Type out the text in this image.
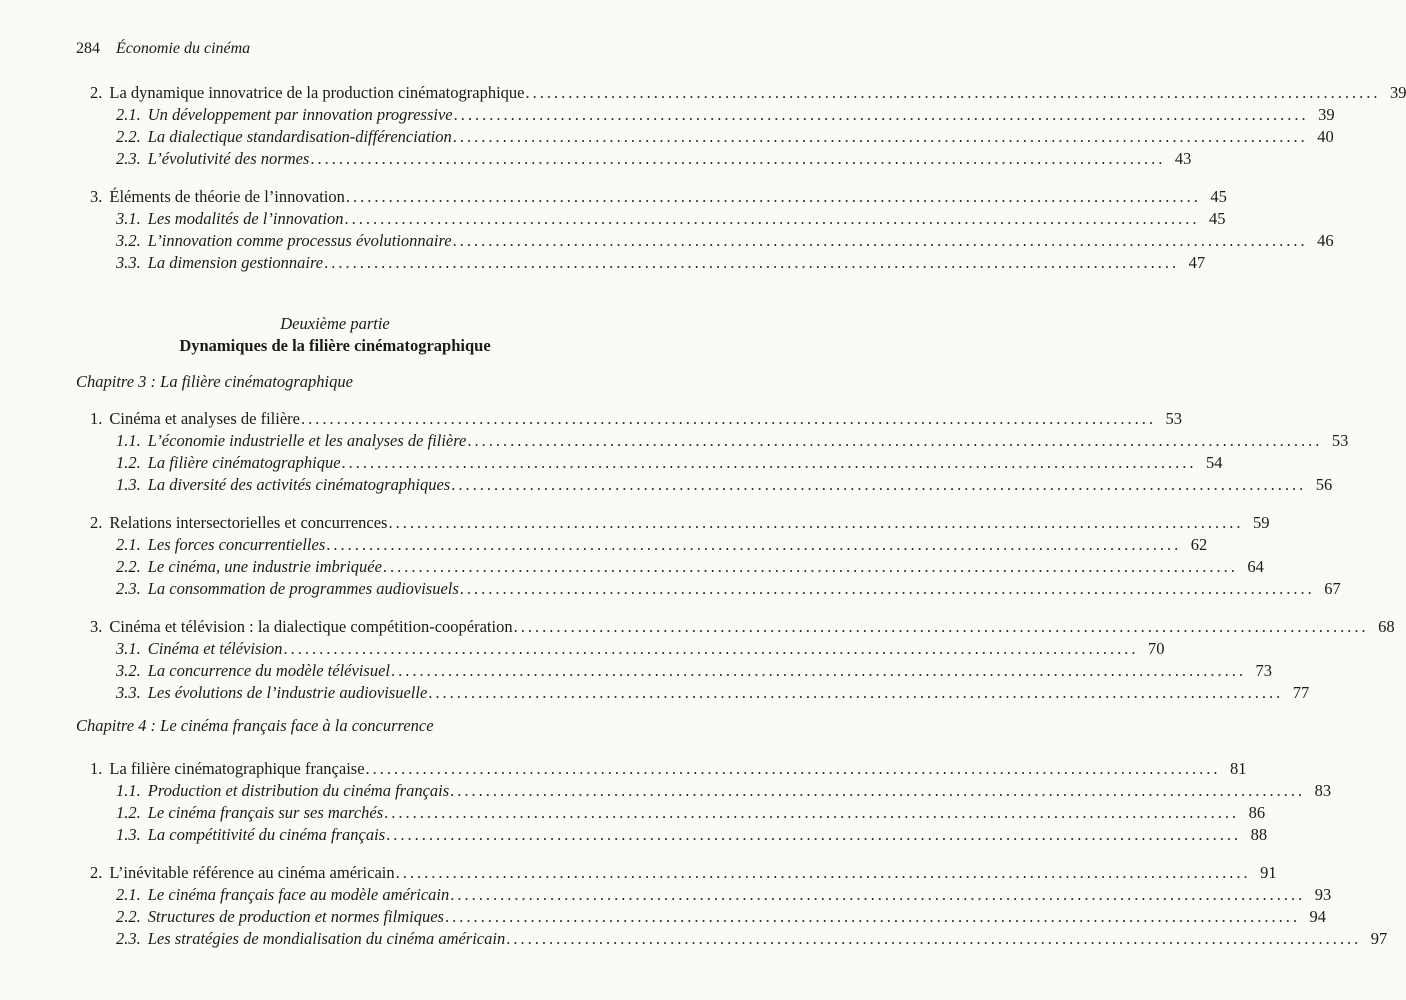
284 Économie du cinéma
2. La dynamique innovatrice de la production cinématographique ........................................................................................................................ 39
2.1. Un développement par innovation progressive ........................................................................................................................ 39
2.2. La dialectique standardisation-différenciation ........................................................................................................................ 40
2.3. L’évolutivité des normes ........................................................................................................................ 43
3. Éléments de théorie de l’innovation ........................................................................................................................ 45
3.1. Les modalités de l’innovation ........................................................................................................................ 45
3.2. L’innovation comme processus évolutionnaire ........................................................................................................................ 46
3.3. La dimension gestionnaire ........................................................................................................................ 47
Deuxième partie
Dynamiques de la filière cinématographique
Chapitre 3 : La filière cinématographique
1. Cinéma et analyses de filière ........................................................................................................................ 53
1.1. L’économie industrielle et les analyses de filière ........................................................................................................................ 53
1.2. La filière cinématographique ........................................................................................................................ 54
1.3. La diversité des activités cinématographiques ........................................................................................................................ 56
2. Relations intersectorielles et concurrences ........................................................................................................................ 59
2.1. Les forces concurrentielles ........................................................................................................................ 62
2.2. Le cinéma, une industrie imbriquée ........................................................................................................................ 64
2.3. La consommation de programmes audiovisuels ........................................................................................................................ 67
3. Cinéma et télévision : la dialectique compétition-coopération ........................................................................................................................ 68
3.1. Cinéma et télévision ........................................................................................................................ 70
3.2. La concurrence du modèle télévisuel ........................................................................................................................ 73
3.3. Les évolutions de l’industrie audiovisuelle ........................................................................................................................ 77
Chapitre 4 : Le cinéma français face à la concurrence
1. La filière cinématographique française ........................................................................................................................ 81
1.1. Production et distribution du cinéma français ........................................................................................................................ 83
1.2. Le cinéma français sur ses marchés ........................................................................................................................ 86
1.3. La compétitivité du cinéma français ........................................................................................................................ 88
2. L’inévitable référence au cinéma américain ........................................................................................................................ 91
2.1. Le cinéma français face au modèle américain ........................................................................................................................ 93
2.2. Structures de production et normes filmiques ........................................................................................................................ 94
2.3. Les stratégies de mondialisation du cinéma américain ........................................................................................................................ 97
